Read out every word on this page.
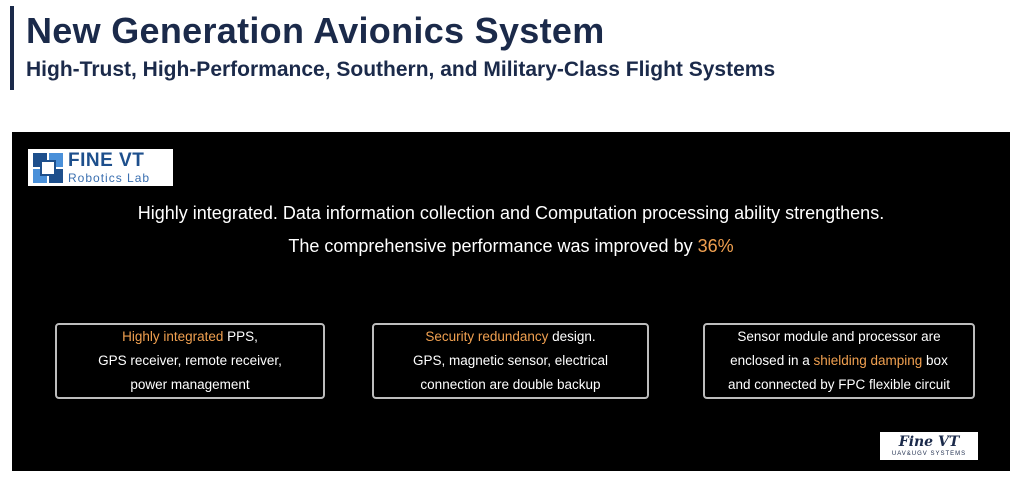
New Generation Avionics System
High-Trust, High-Performance, Southern, and Military-Class Flight Systems
FINE VT
Robotics Lab
Highly integrated. Data information collection and Computation processing ability strengthens.
The comprehensive performance was improved by 36%
Highly integrated PPS,
GPS receiver, remote receiver,
power management
Security redundancy design.
GPS, magnetic sensor, electrical
connection are double backup
Sensor module and processor are
enclosed in a shielding damping box
and connected by FPC flexible circuit
Fine VT
UAV&UGV SYSTEMS
